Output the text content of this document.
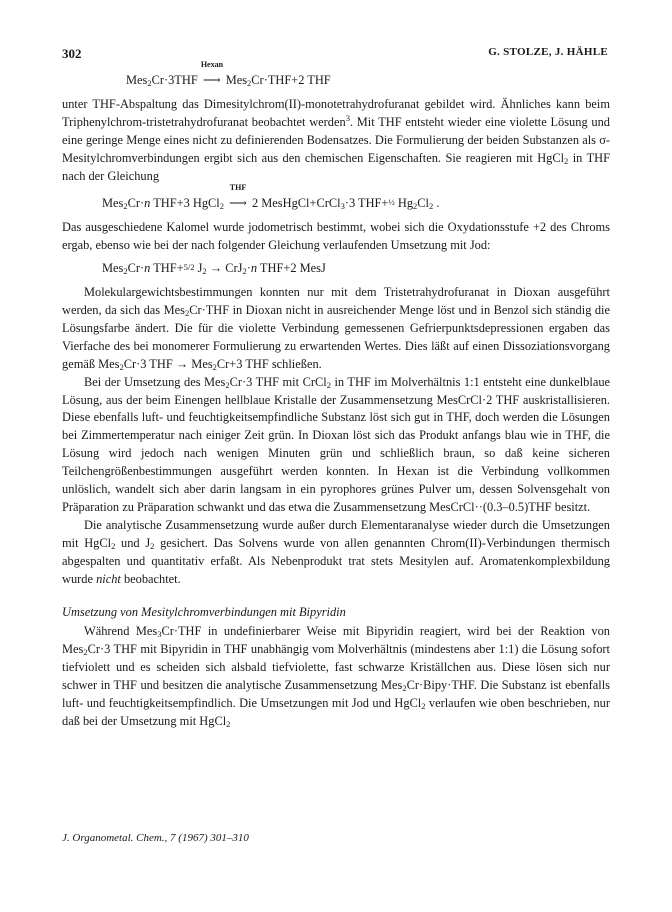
302	G. STOLZE, J. HÄHLE
Mes$_2$Cr·3THF
Hexan
⟶ Mes$_2$Cr·THF+2 THF

unter THF-Abspaltung das Dimesitylchrom(II)-monotetrahydrofuranat gebildet wird. Ähnliches kann beim Triphenylchrom-tristetrahydrofuranat beobachtet werden$^3$. Mit THF entsteht wieder eine violette Lösung und eine geringe Menge eines nicht zu definierenden Bodensatzes. Die Formulierung der beiden Substanzen als σ-Mesitylchromverbindungen ergibt sich aus den chemischen Eigenschaften. Sie reagieren mit HgCl$_2$ in THF nach der Gleichung

Mes$_2$Cr·n THF+3 HgCl$_2$
THF
⟶ 2 MesHgCl+CrCl$_3$·3 THF+½ $Hg_2Cl_2$ .

Das ausgeschiedene Kalomel wurde jodometrisch bestimmt, wobei sich die Oxydationsstufe +2 des Chroms ergab, ebenso wie bei der nach folgender Gleichung verlaufenden Umsetzung mit Jod:

Mes$_2$Cr·n THF+5/2 $J_2 \to CrJ_2\cdot n$ THF+2 MesJ

Molekulargewichtsbestimmungen konnten nur mit dem Tristetrahydrofuranat in Dioxan ausgeführt werden, da sich das Mes$_2$Cr·THF in Dioxan nicht in ausreichender Menge löst und in Benzol sich ständig die Lösungsfarbe ändert. Die für die violette Verbindung gemessenen Gefrierpunktsdepressionen ergaben das Vierfache des bei monomerer Formulierung zu erwartenden Wertes. Dies läßt auf einen Dissoziationsvorgang gemäß Mes$_2$Cr·3 THF → Mes$_2$Cr+3 THF schließen.

Bei der Umsetzung des Mes$_2$Cr·3 THF mit CrCl$_2$ in THF im Molverhältnis 1:1 entsteht eine dunkelblaue Lösung, aus der beim Einengen hellblaue Kristalle der Zusammensetzung MesCrCl·2 THF auskristallisieren. Diese ebenfalls luft- und feuchtigkeitsempfindliche Substanz löst sich gut in THF, doch werden die Lösungen bei Zimmertemperatur nach einiger Zeit grün. In Dioxan löst sich das Produkt anfangs blau wie in THF, die Lösung wird jedoch nach wenigen Minuten grün und schließlich braun, so daß keine sicheren Teilchengrößenbestimmungen ausgeführt werden konnten. In Hexan ist die Verbindung vollkommen unlöslich, wandelt sich aber darin langsam in ein pyrophores grünes Pulver um, dessen Solvensgehalt von Präparation zu Präparation schwankt und das etwa die Zusammensetzung MesCrCl··(0.3–0.5)THF besitzt.

Die analytische Zusammensetzung wurde außer durch Elementaranalyse wieder durch die Umsetzungen mit HgCl$_2$ und $J_2$ gesichert. Das Solvens wurde von allen genannten Chrom(II)-Verbindungen thermisch abgespalten und quantitativ erfaßt. Als Nebenprodukt trat stets Mesitylen auf. Aromatenkomplexbildung wurde nicht beobachtet.

Umsetzung von Mesitylchromverbindungen mit Bipyridin

Während Mes$_3$Cr·THF in undefinierbarer Weise mit Bipyridin reagiert, wird bei der Reaktion von Mes$_2$Cr·3 THF mit Bipyridin in THF unabhängig vom Molverhältnis (mindestens aber 1:1) die Lösung sofort tiefviolett und es scheiden sich alsbald tiefviolette, fast schwarze Kriställchen aus. Diese lösen sich nur schwer in THF und besitzen die analytische Zusammensetzung Mes$_2$Cr·Bipy·THF. Die Substanz ist ebenfalls luft- und feuchtigkeitsempfindlich. Die Umsetzungen mit Jod und HgCl$_2$ verlaufen wie oben beschrieben, nur daß bei der Umsetzung mit HgCl$_2$

J. Organometal. Chem., 7 (1967) 301–310
